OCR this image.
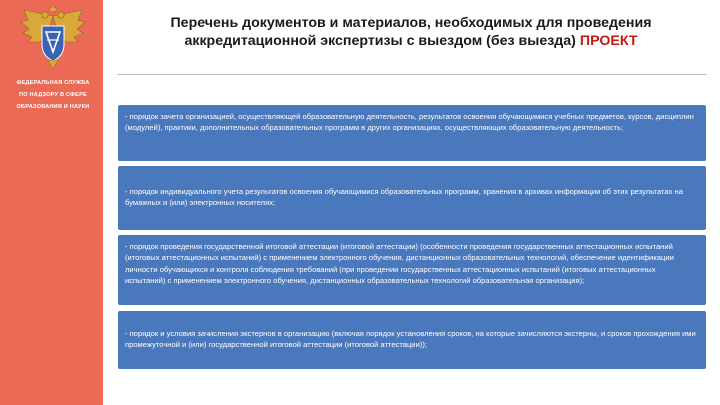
ФЕДЕРАЛЬНАЯ СЛУЖБА
ПО НАДЗОРУ В СФЕРЕ
ОБРАЗОВАНИЯ И НАУКИ
Перечень документов и материалов, необходимых для проведения
аккредитационной экспертизы с выездом (без выезда) ПРОЕКТ
- порядок зачета организацией, осуществляющей образовательную деятельность, результатов освоения обучающимися учебных предметов, курсов, дисциплин (модулей), практики, дополнительных образовательных программ в других организациях, осуществляющих образовательную деятельность;
- порядок индивидуального учета результатов освоения обучающимися образовательных программ, хранения в архивах информации об этих результатах на бумажных и (или) электронных носителях;
- порядок проведения государственной итоговой аттестации (итоговой аттестации) (особенности проведения государственных аттестационных испытаний (итоговых аттестационных испытаний) с применением электронного обучения, дистанционных образовательных технологий, обеспечение идентификации личности обучающихся и контроля соблюдения требований (при проведении государственных аттестационных испытаний (итоговых аттестационных испытаний) с применением электронного обучения, дистанционных образовательных технологий образовательная организация);
- порядок и условия зачисления экстернов в организацию (включая порядок установления сроков, на которые зачисляются экстерны, и сроков прохождения ими промежуточной и (или) государственной итоговой аттестации (итоговой аттестации));
